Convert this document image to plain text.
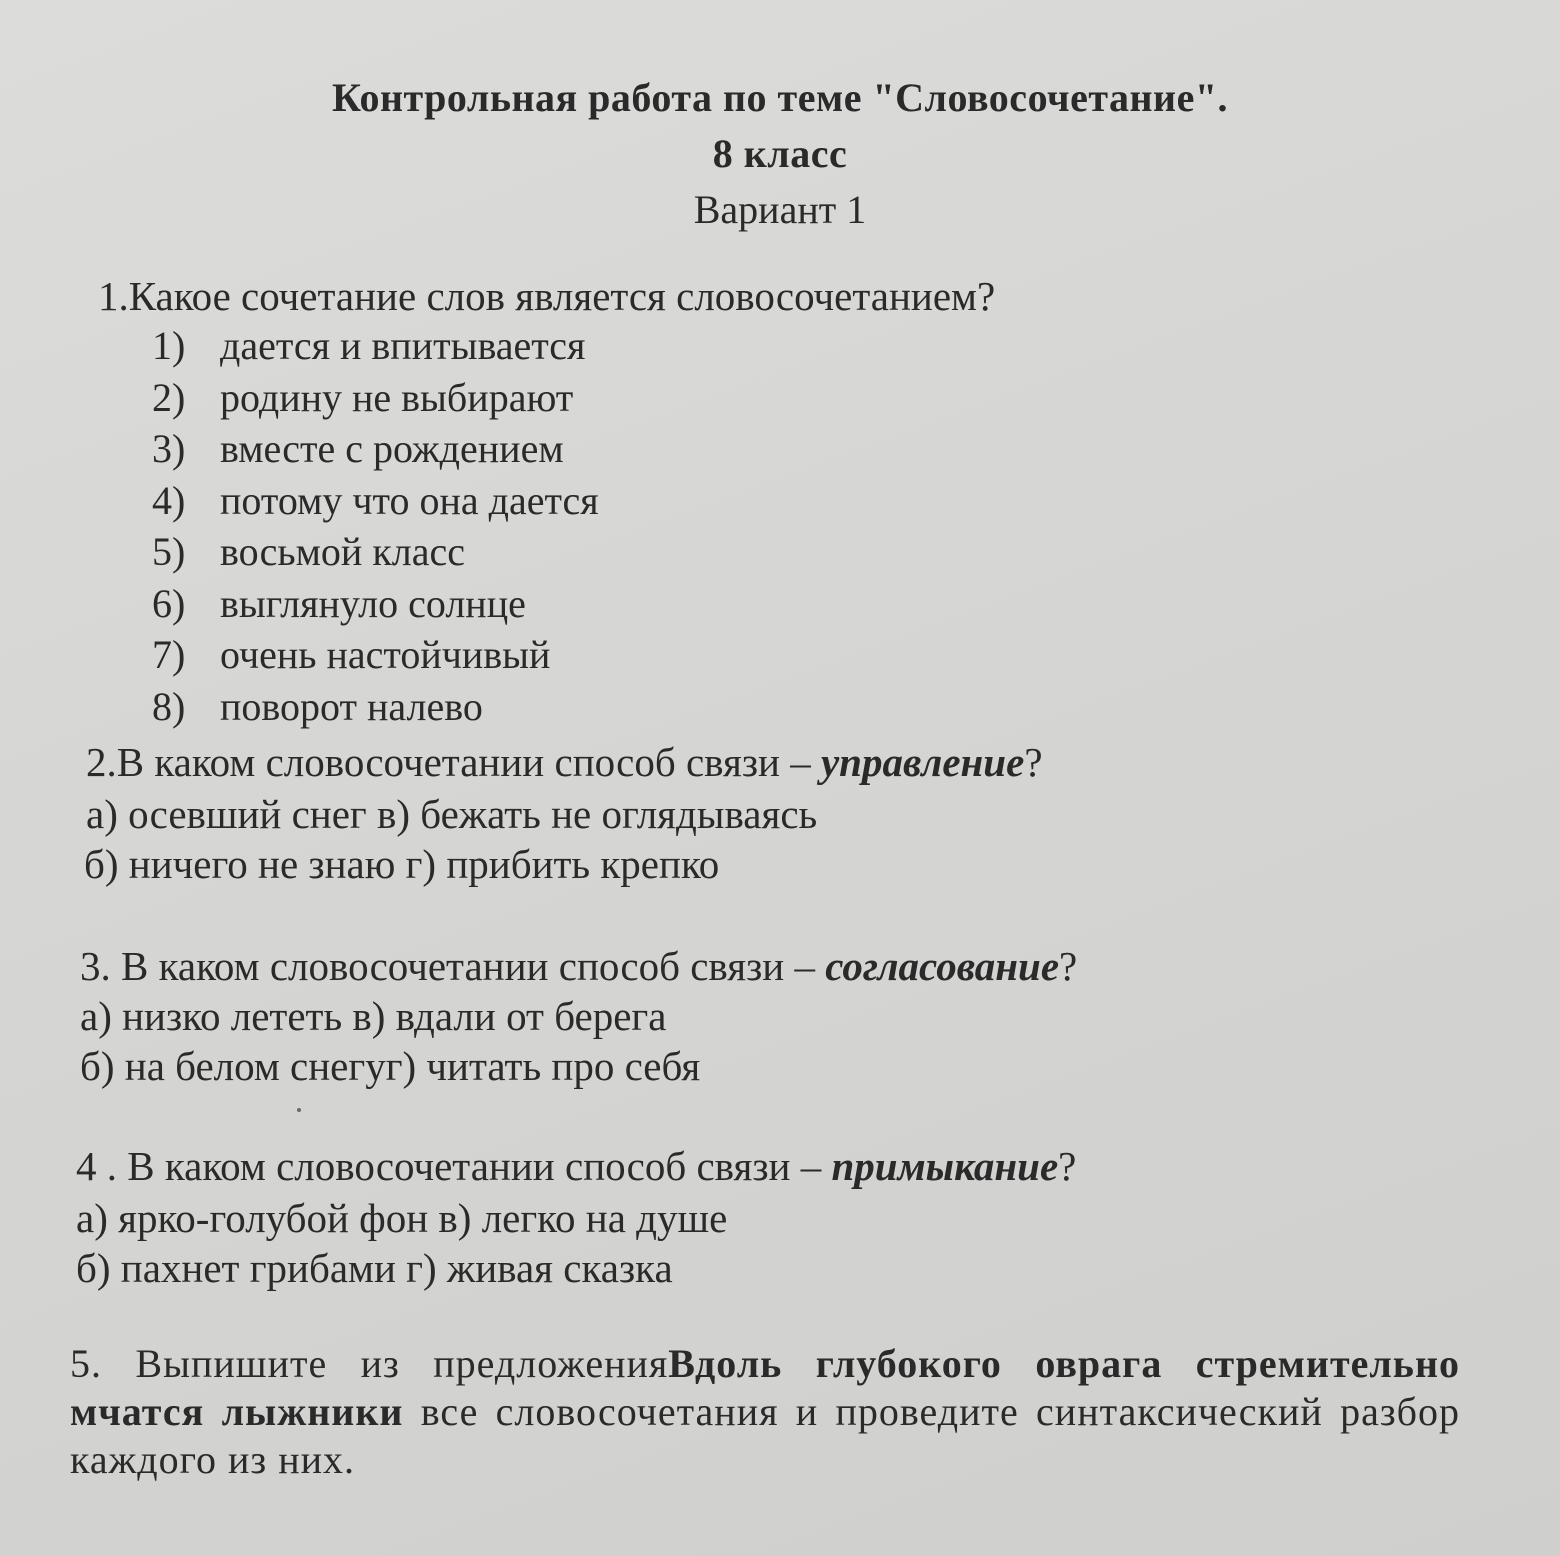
Контрольная работа по теме "Словосочетание".
8 класс
Вариант 1
1.Какое сочетание слов является словосочетанием?
1) дается и впитывается
2) родину не выбирают
3) вместе с рождением
4) потому что она дается
5) восьмой класс
6) выглянуло солнце
7) очень настойчивый
8) поворот налево
2.В каком словосочетании способ связи – управление?
а) осевший снег в) бежать не оглядываясь
б) ничего не знаю г) прибить крепко
3. В каком словосочетании способ связи – согласование?
а) низко лететь в) вдали от берега
б) на белом снегуг) читать про себя
4 . В каком словосочетании способ связи – примыкание?
а) ярко-голубой фон в) легко на душе
б) пахнет грибами г) живая сказка
5. Выпишите из предложенияВдоль глубокого оврага стремительно мчатся лыжники все словосочетания и проведите синтаксический разбор каждого из них.
